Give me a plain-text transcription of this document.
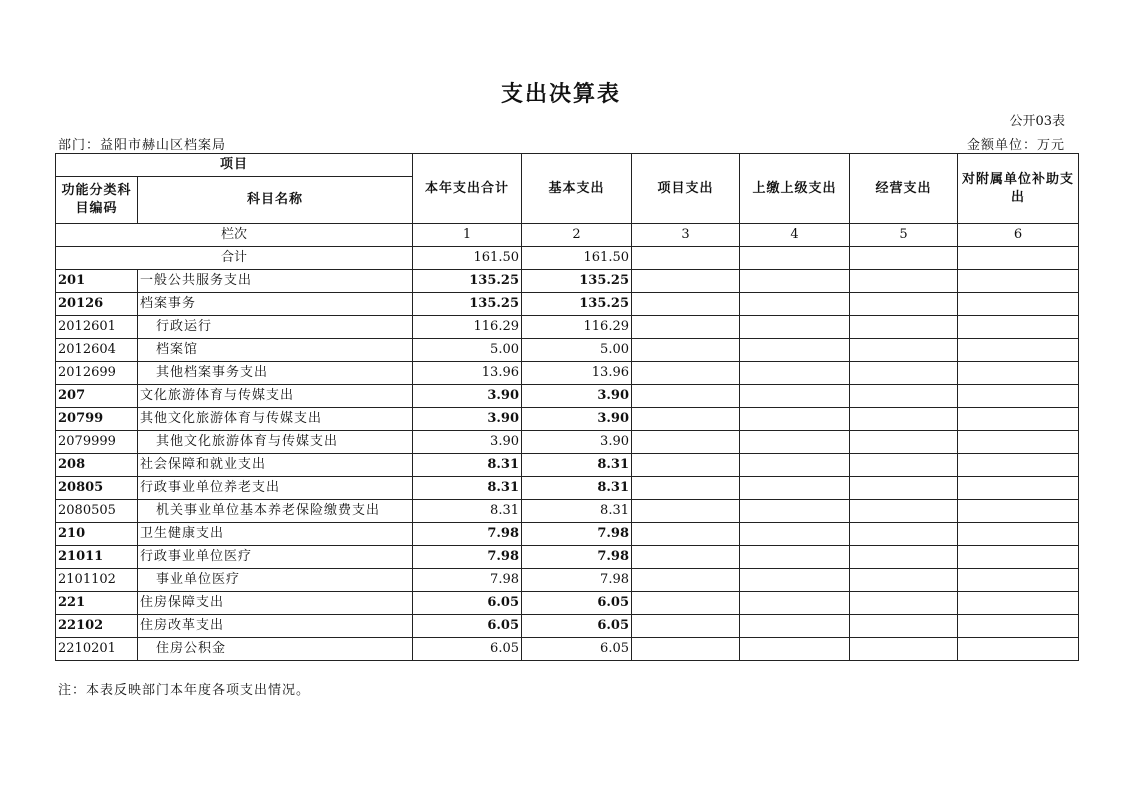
支出决算表
公开03表
部门：益阳市赫山区档案局	金额单位：万元
项目		本年支出合计	基本支出	项目支出	上缴上级支出	经营支出	对附属单位补助支出
功能分类科目编码	科目名称						
栏次		1	2	3	4	5	6
合计		161.50	161.50				
201	一般公共服务支出	135.25	135.25				
20126	档案事务	135.25	135.25				
2012601	行政运行	116.29	116.29				
2012604	档案馆	5.00	5.00				
2012699	其他档案事务支出	13.96	13.96				
207	文化旅游体育与传媒支出	3.90	3.90				
20799	其他文化旅游体育与传媒支出	3.90	3.90				
2079999	其他文化旅游体育与传媒支出	3.90	3.90				
208	社会保障和就业支出	8.31	8.31				
20805	行政事业单位养老支出	8.31	8.31				
2080505	机关事业单位基本养老保险缴费支出	8.31	8.31				
210	卫生健康支出	7.98	7.98				
21011	行政事业单位医疗	7.98	7.98				
2101102	事业单位医疗	7.98	7.98				
221	住房保障支出	6.05	6.05				
22102	住房改革支出	6.05	6.05				
2210201	住房公积金	6.05	6.05				
注：本表反映部门本年度各项支出情况。
